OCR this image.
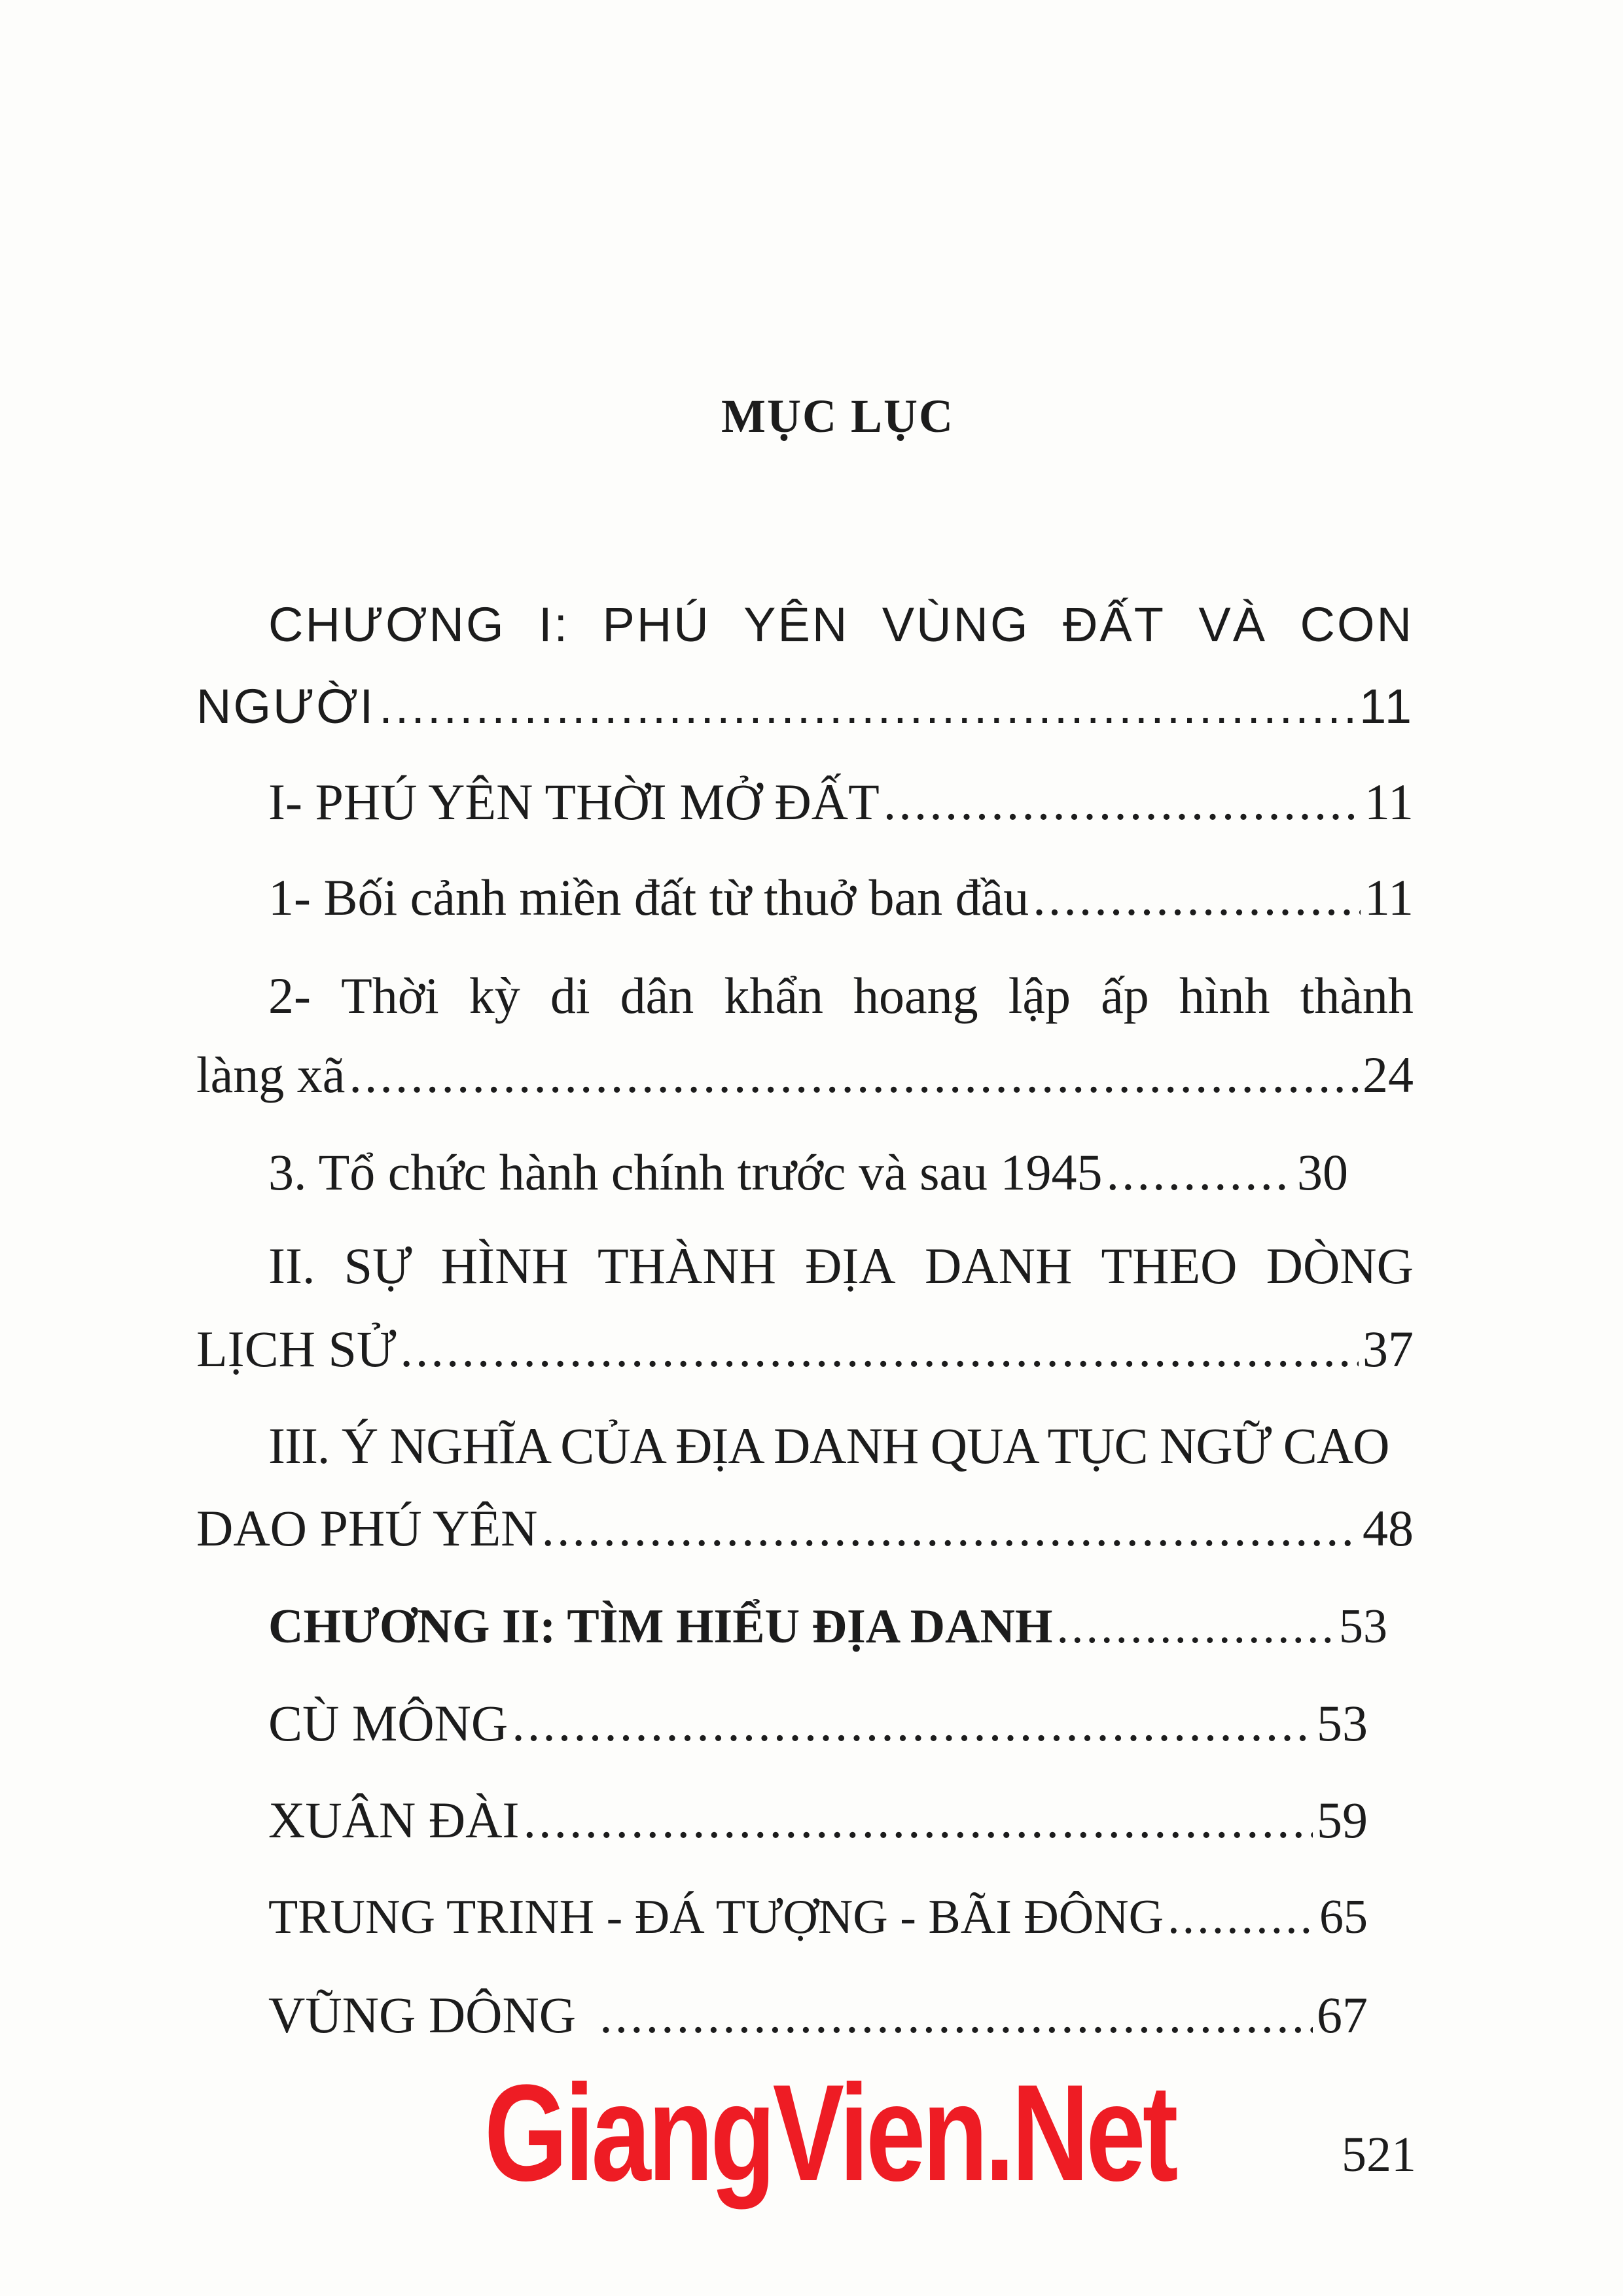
MỤC LỤC
CHƯƠNG I: PHÚ YÊN VÙNG ĐẤT VÀ CON
NGƯỜI .....	11
I- PHÚ YÊN THỜI MỞ ĐẤT .....	11
1- Bối cảnh miền đất từ thuở ban đầu .....	11
2- Thời kỳ di dân khẩn hoang lập ấp hình thành
làng xã .....	24
3. Tổ chức hành chính trước và sau 1945 .....	30
II. SỰ HÌNH THÀNH ĐỊA DANH THEO DÒNG
LỊCH SỬ .....	37
III. Ý NGHĨA CỦA ĐỊA DANH QUA TỤC NGỮ CAO
DAO PHÚ YÊN .....	48
CHƯƠNG II: TÌM HIỂU ĐỊA DANH .....	53
CÙ MÔNG .....	53
XUÂN ĐÀI .....	59
TRUNG TRINH - ĐÁ TƯỢNG - BÃI ĐÔNG .....	65
VŨNG DÔNG .....	67
GiangVien.Net	521
